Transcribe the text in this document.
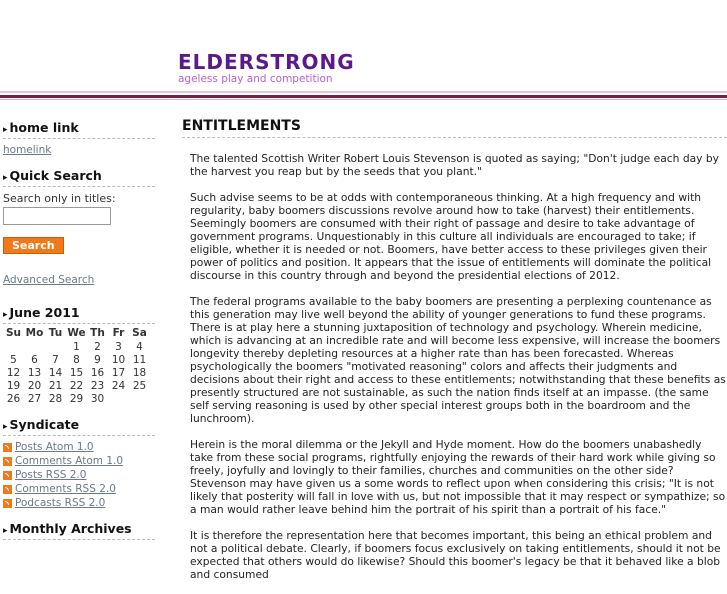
ELDERSTRONG
ageless play and competition
▸ home link
homelink
▸ Quick Search
Search only in titles:
Search
Advanced Search
▸ June 2011
Su	Mo	Tu	We	Th	Fr	Sa
			1	2	3	4
5	6	7	8	9	10	11
12	13	14	15	16	17	18
19	20	21	22	23	24	25
26	27	28	29	30		
▸ Syndicate
Posts Atom 1.0
Comments Atom 1.0
Posts RSS 2.0
Comments RSS 2.0
Podcasts RSS 2.0
▸ Monthly Archives
ENTITLEMENTS

The talented Scottish Writer Robert Louis Stevenson is quoted as saying; "Don't judge each day by the harvest you reap but by the seeds that you plant."

Such advise seems to be at odds with contemporaneous thinking. At a high frequency and with regularity, baby boomers discussions revolve around how to take (harvest) their entitlements. Seemingly boomers are consumed with their right of passage and desire to take advantage of government programs. Unquestionably in this culture all individuals are encouraged to take; if eligible, whether it is needed or not. Boomers, have better access to these privileges given their power of politics and position. It appears that the issue of entitlements will dominate the political discourse in this country through and beyond the presidential elections of 2012.

The federal programs available to the baby boomers are presenting a perplexing countenance as this generation may live well beyond the ability of younger generations to fund these programs. There is at play here a stunning juxtaposition of technology and psychology. Wherein medicine, which is advancing at an incredible rate and will become less expensive, will increase the boomers longevity thereby depleting resources at a higher rate than has been forecasted. Whereas psychologically the boomers "motivated reasoning" colors and affects their judgments and decisions about their right and access to these entitlements; notwithstanding that these benefits as presently structured are not sustainable, as such the nation finds itself at an impasse. (the same self serving reasoning is used by other special interest groups both in the boardroom and the lunchroom).

Herein is the moral dilemma or the Jekyll and Hyde moment. How do the boomers unabashedly take from these social programs, rightfully enjoying the rewards of their hard work while giving so freely, joyfully and lovingly to their families, churches and communities on the other side? Stevenson may have given us a some words to reflect upon when considering this crisis; "It is not likely that posterity will fall in love with us, but not impossible that it may respect or sympathize; so a man would rather leave behind him the portrait of his spirit than a portrait of his face."

It is therefore the representation here that becomes important, this being an ethical problem and not a political debate. Clearly, if boomers focus exclusively on taking entitlements, should it not be expected that others would do likewise? Should this boomer's legacy be that it behaved like a blob and consumed
